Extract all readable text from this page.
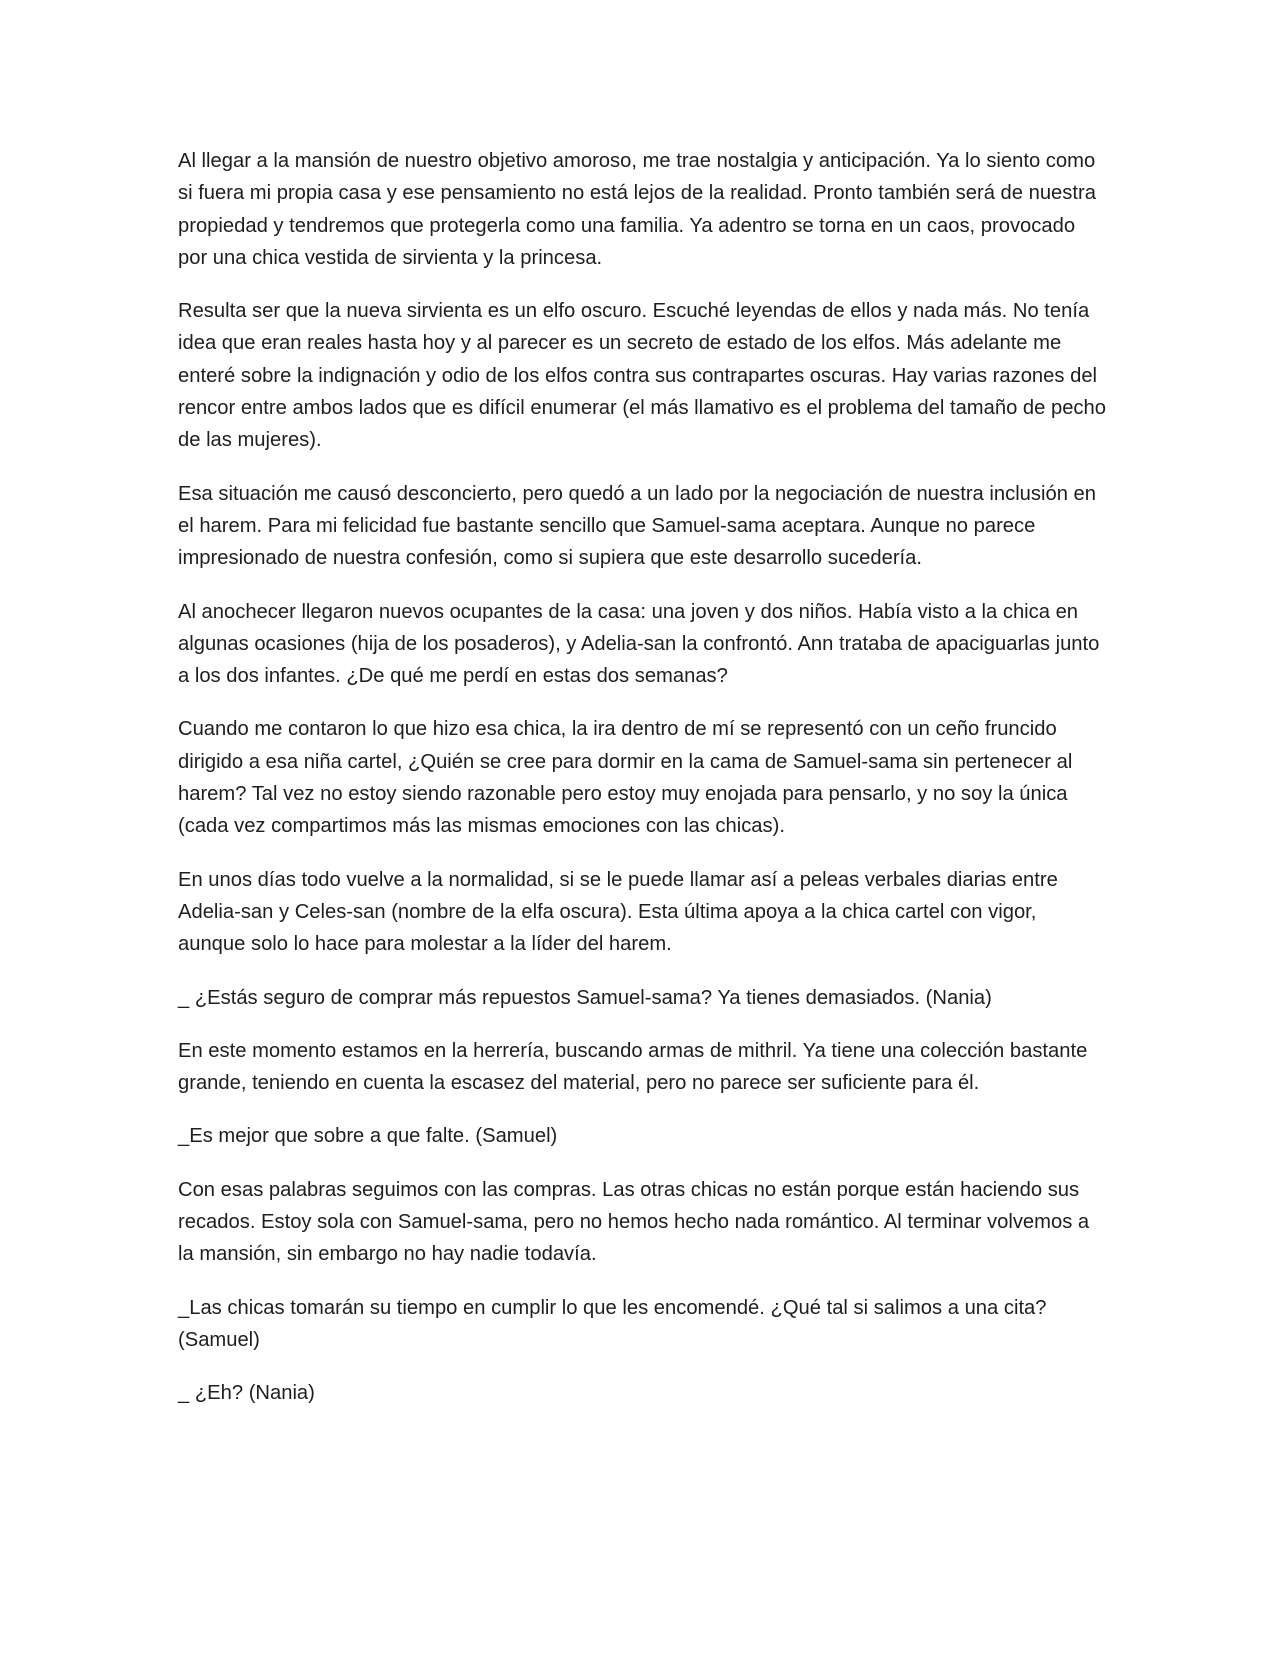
Al llegar a la mansión de nuestro objetivo amoroso, me trae nostalgia y anticipación. Ya lo siento como si fuera mi propia casa y ese pensamiento no está lejos de la realidad. Pronto también será de nuestra propiedad y tendremos que protegerla como una familia. Ya adentro se torna en un caos, provocado por una chica vestida de sirvienta y la princesa.

Resulta ser que la nueva sirvienta es un elfo oscuro. Escuché leyendas de ellos y nada más. No tenía idea que eran reales hasta hoy y al parecer es un secreto de estado de los elfos. Más adelante me enteré sobre la indignación y odio de los elfos contra sus contrapartes oscuras. Hay varias razones del rencor entre ambos lados que es difícil enumerar (el más llamativo es el problema del tamaño de pecho de las mujeres).

Esa situación me causó desconcierto, pero quedó a un lado por la negociación de nuestra inclusión en el harem. Para mi felicidad fue bastante sencillo que Samuel-sama aceptara. Aunque no parece impresionado de nuestra confesión, como si supiera que este desarrollo sucedería.

Al anochecer llegaron nuevos ocupantes de la casa: una joven y dos niños. Había visto a la chica en algunas ocasiones (hija de los posaderos), y Adelia-san la confrontó. Ann trataba de apaciguarlas junto a los dos infantes. ¿De qué me perdí en estas dos semanas?

Cuando me contaron lo que hizo esa chica, la ira dentro de mí se representó con un ceño fruncido dirigido a esa niña cartel, ¿Quién se cree para dormir en la cama de Samuel-sama sin pertenecer al harem? Tal vez no estoy siendo razonable pero estoy muy enojada para pensarlo, y no soy la única (cada vez compartimos más las mismas emociones con las chicas).

En unos días todo vuelve a la normalidad, si se le puede llamar así a peleas verbales diarias entre Adelia-san y Celes-san (nombre de la elfa oscura). Esta última apoya a la chica cartel con vigor, aunque solo lo hace para molestar a la líder del harem.

_ ¿Estás seguro de comprar más repuestos Samuel-sama? Ya tienes demasiados. (Nania)

En este momento estamos en la herrería, buscando armas de mithril. Ya tiene una colección bastante grande, teniendo en cuenta la escasez del material, pero no parece ser suficiente para él.

_Es mejor que sobre a que falte. (Samuel)

Con esas palabras seguimos con las compras. Las otras chicas no están porque están haciendo sus recados. Estoy sola con Samuel-sama, pero no hemos hecho nada romántico. Al terminar volvemos a la mansión, sin embargo no hay nadie todavía.

_Las chicas tomarán su tiempo en cumplir lo que les encomendé. ¿Qué tal si salimos a una cita? (Samuel)

_ ¿Eh? (Nania)
